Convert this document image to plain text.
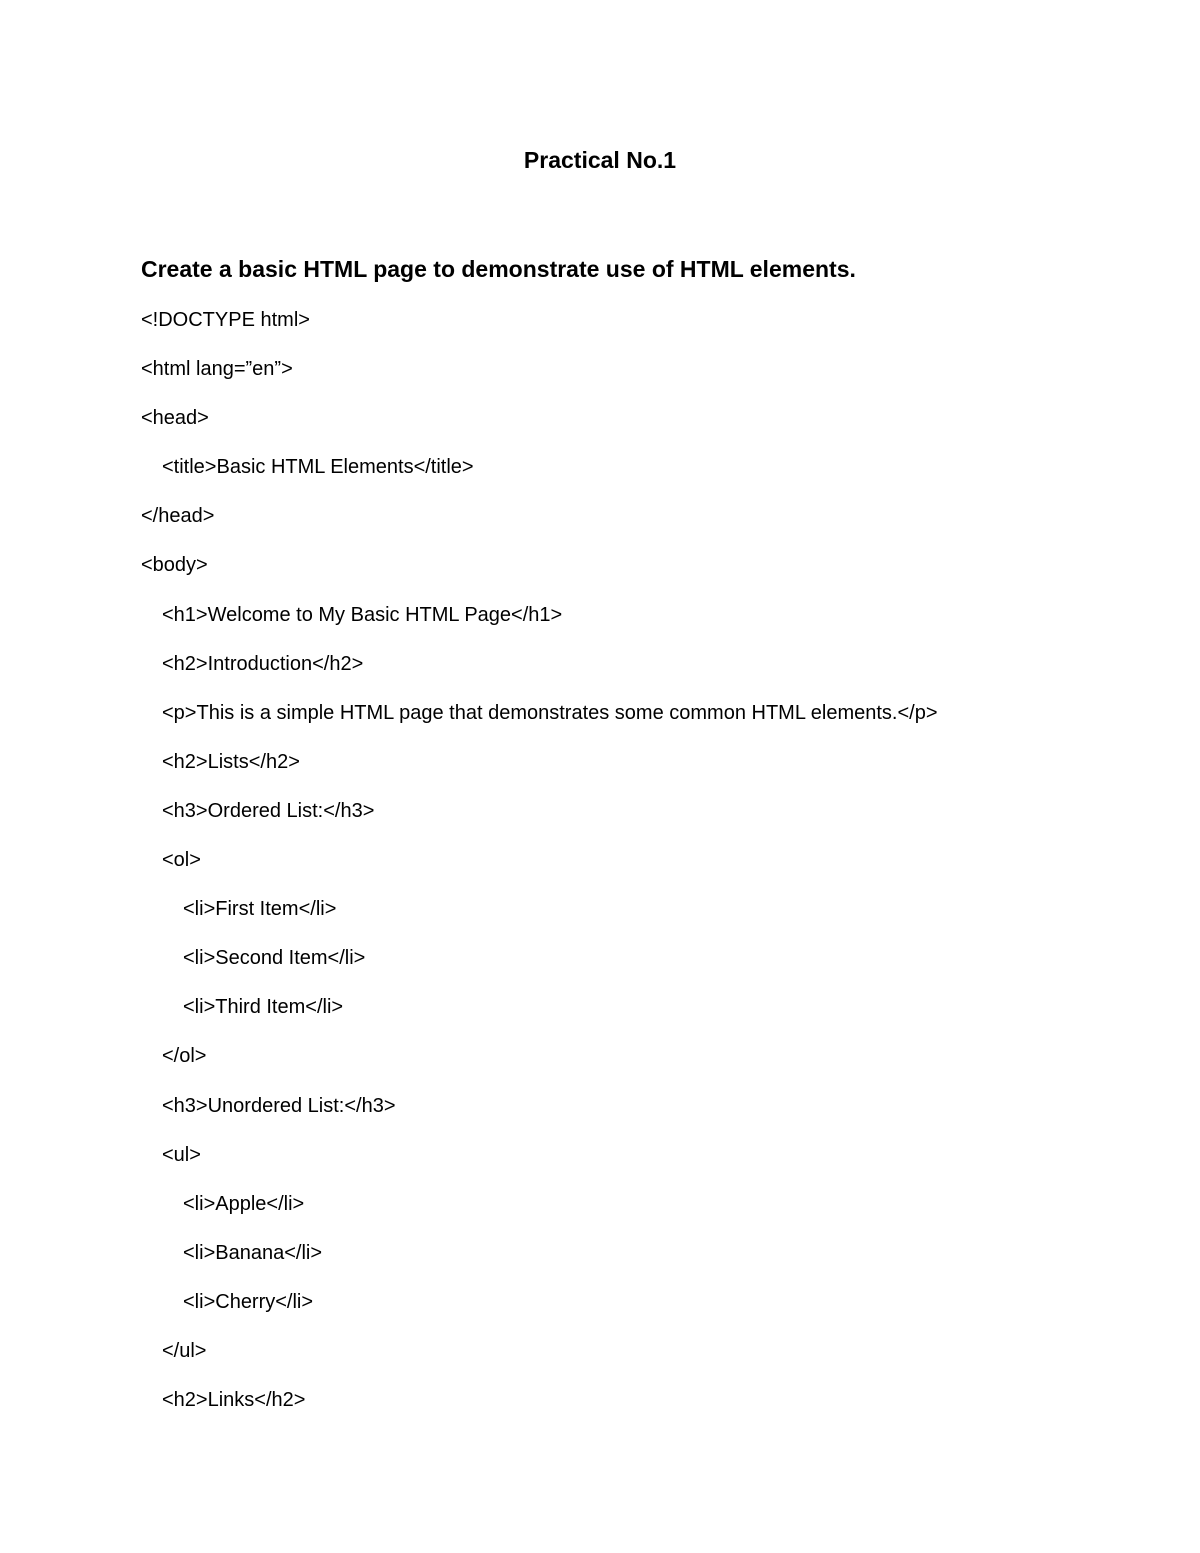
Practical No.1
Create a basic HTML page to demonstrate use of HTML elements.
<!DOCTYPE html>
<html lang=”en”>
<head>
<title>Basic HTML Elements</title>
</head>
<body>
<h1>Welcome to My Basic HTML Page</h1>
<h2>Introduction</h2>
<p>This is a simple HTML page that demonstrates some common HTML elements.</p>
<h2>Lists</h2>
<h3>Ordered List:</h3>
<ol>
<li>First Item</li>
<li>Second Item</li>
<li>Third Item</li>
</ol>
<h3>Unordered List:</h3>
<ul>
<li>Apple</li>
<li>Banana</li>
<li>Cherry</li>
</ul>
<h2>Links</h2>
